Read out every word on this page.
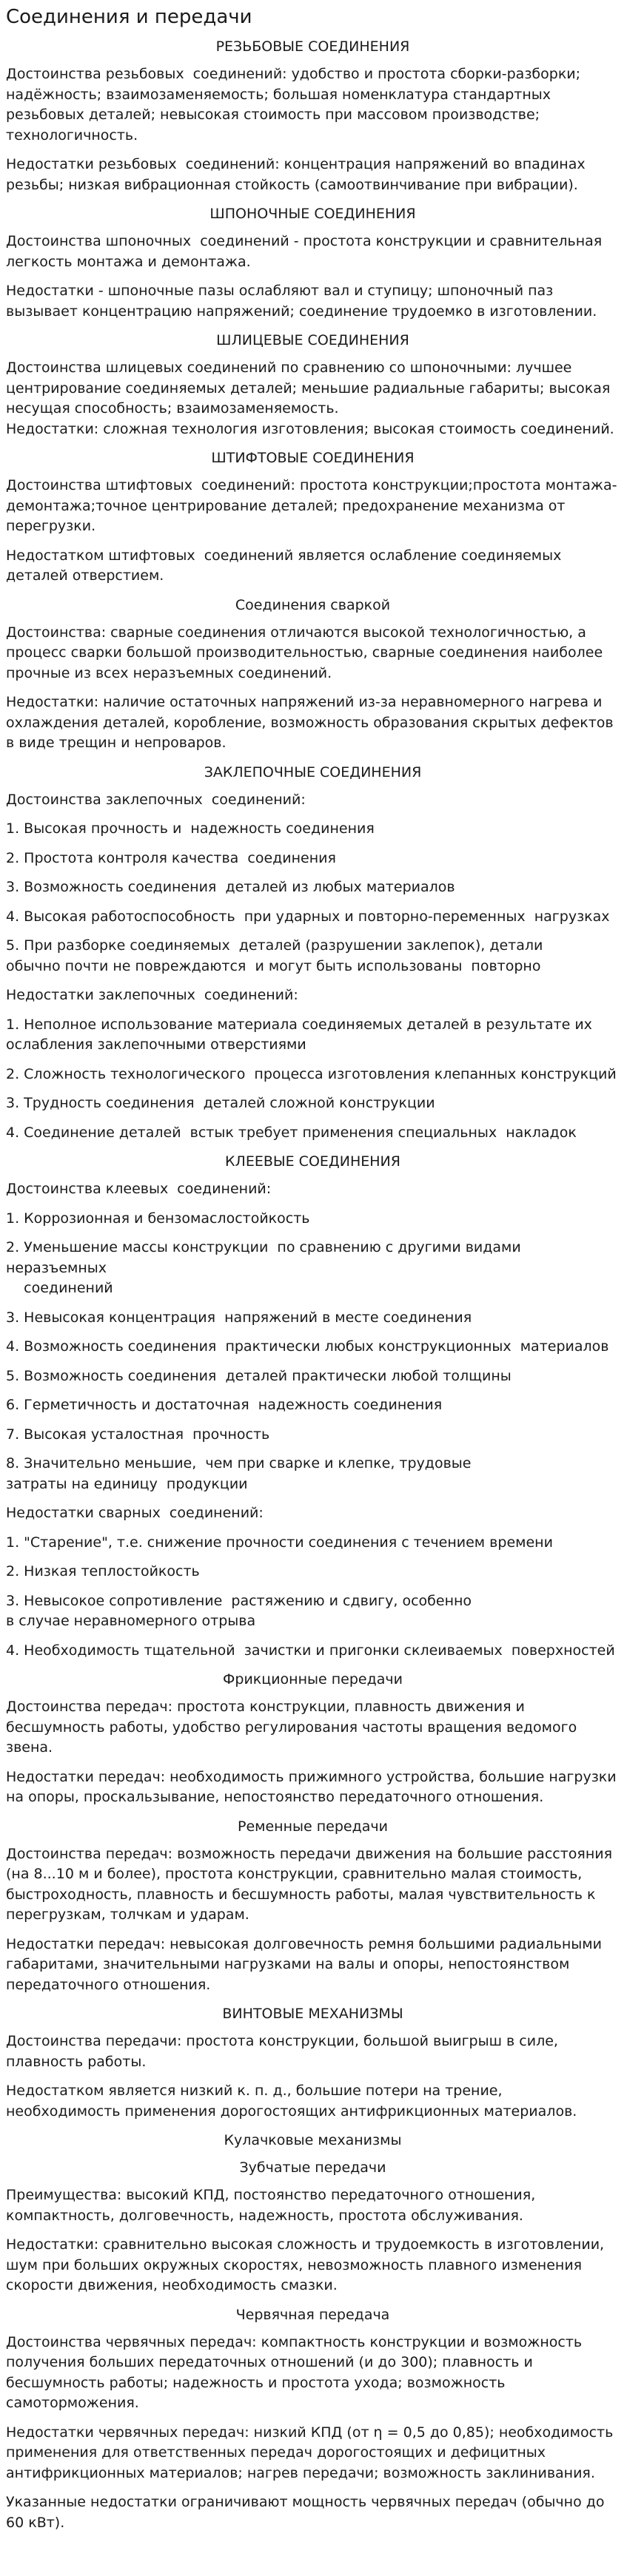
Соединения и передачи
РЕЗЬБОВЫЕ СОЕДИНЕНИЯ
Достоинства резьбовых  соединений: удобство и простота сборки-разборки; надёжность; взаимозаменяемость; большая номенклатура стандартных резьбовых деталей; невысокая стоимость при массовом производстве; технологичность.
Недостатки резьбовых  соединений: концентрация напряжений во впадинах резьбы; низкая вибрационная стойкость (самоотвинчивание при вибрации).
ШПОНОЧНЫЕ СОЕДИНЕНИЯ
Достоинства шпоночных  соединений - простота конструкции и сравнительная легкость монтажа и демонтажа.
Недостатки - шпоночные пазы ослабляют вал и ступицу; шпоночный паз вызывает концентрацию напряжений; соединение трудоемко в изготовлении.
ШЛИЦЕВЫЕ СОЕДИНЕНИЯ
Достоинства шлицевых соединений по сравнению со шпоночными: лучшее центрирование соединяемых деталей; меньшие радиальные габариты; высокая несущая способность; взаимозаменяемость.
Недостатки: сложная технология изготовления; высокая стоимость соединений.
ШТИФТОВЫЕ СОЕДИНЕНИЯ
Достоинства штифтовых  соединений: простота конструкции;простота монтажа-демонтажа;точное центрирование деталей; предохранение механизма от перегрузки.
Недостатком штифтовых  соединений является ослабление соединяемых деталей отверстием.
Соединения сваркой
Достоинства: сварные соединения отличаются высокой технологичностью, а процесс сварки большой производительностью, сварные соединения наиболее прочные из всех неразъемных соединений.
Недостатки: наличие остаточных напряжений из-за неравномерного нагрева и охлаждения деталей, коробление, возможность образования скрытых дефектов в виде трещин и непроваров.
ЗАКЛЕПОЧНЫЕ СОЕДИНЕНИЯ
Достоинства заклепочных  соединений:
1. Высокая прочность и  надежность соединения
2. Простота контроля качества  соединения
3. Возможность соединения  деталей из любых материалов
4. Высокая работоспособность  при ударных и повторно-переменных  нагрузках
5. При разборке соединяемых  деталей (разрушении заклепок), детали
обычно почти не повреждаются  и могут быть использованы  повторно
Недостатки заклепочных  соединений:
1. Неполное использование материала соединяемых деталей в результате их ослабления заклепочными отверстиями
2. Сложность технологического  процесса изготовления клепанных конструкций
3. Трудность соединения  деталей сложной конструкции
4. Соединение деталей  встык требует применения специальных  накладок
КЛЕЕВЫЕ СОЕДИНЕНИЯ
Достоинства клеевых  соединений:
1. Коррозионная и бензомаслостойкость
2. Уменьшение массы конструкции  по сравнению с другими видами неразъемных
соединений
3. Невысокая концентрация  напряжений в месте соединения
4. Возможность соединения  практически любых конструкционных  материалов
5. Возможность соединения  деталей практически любой толщины
6. Герметичность и достаточная  надежность соединения
7. Высокая усталостная  прочность
8. Значительно меньшие,  чем при сварке и клепке, трудовые
затраты на единицу  продукции
Недостатки сварных  соединений:
1. "Старение", т.е. снижение прочности соединения с течением времени
2. Низкая теплостойкость
3. Невысокое сопротивление  растяжению и сдвигу, особенно
в случае неравномерного отрыва
4. Необходимость тщательной  зачистки и пригонки склеиваемых  поверхностей
Фрикционные передачи
Достоинства передач: простота конструкции, плавность движения и бесшумность работы, удобство регулирования частоты вращения ведомого звена.
Недостатки передач: необходимость прижимного устройства, большие нагрузки на опоры, проскальзывание, непостоянство передаточного отношения.
Ременные передачи
Достоинства передач: возможность передачи движения на большие расстояния (на 8...10 м и более), простота конструкции, сравнительно малая стоимость, быстроходность, плавность и бесшумность работы, малая чувствительность к перегрузкам, толчкам и ударам.
Недостатки передач: невысокая долговечность ремня большими радиальными габаритами, значительными нагрузками на валы и опоры, непостоянством передаточного отношения.
ВИНТОВЫЕ МЕХАНИЗМЫ
Достоинства передачи: простота конструкции, большой выигрыш в силе, плавность работы.
Недостатком является низкий к. п. д., большие потери на трение, необходимость применения дорогостоящих антифрикционных материалов.
Кулачковые механизмы
Зубчатые передачи
Преимущества: высокий КПД, постоянство передаточного отношения, компактность, долговечность, надежность, простота обслуживания.
Недостатки: сравнительно высокая сложность и трудоемкость в изготовлении, шум при больших окружных скоростях, невозможность плавного изменения скорости движения, необходимость смазки.
Червячная передача
Достоинства червячных передач: компактность конструкции и возможность получения больших передаточных отношений (и до 300); плавность и бесшумность работы; надежность и простота ухода; возможность самоторможения.
Недостатки червячных передач: низкий КПД (от η = 0,5 до 0,85); необходимость применения для ответственных передач дорогостоящих и дефицитных антифрикционных материалов; нагрев передачи; возможность заклинивания.
Указанные недостатки ограничивают мощность червячных передач (обычно до 60 кВт).
